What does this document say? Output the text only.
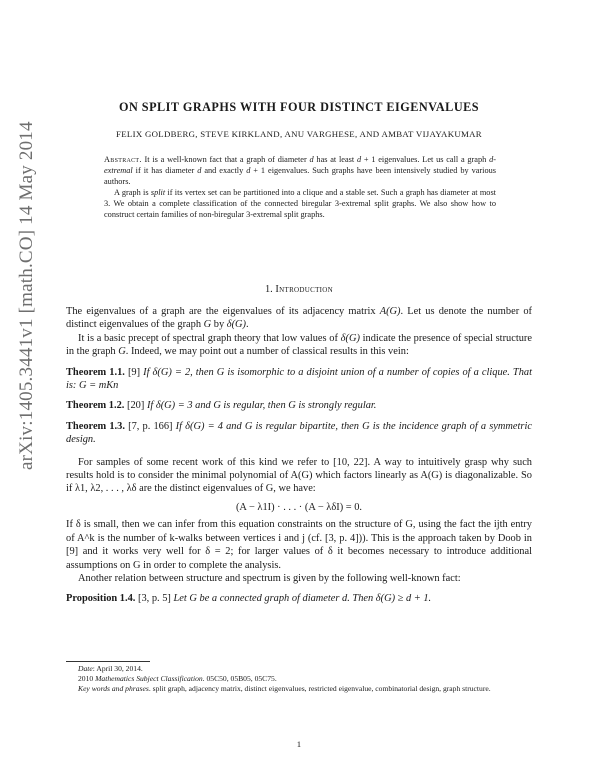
arXiv:1405.3441v1 [math.CO] 14 May 2014
ON SPLIT GRAPHS WITH FOUR DISTINCT EIGENVALUES
FELIX GOLDBERG, STEVE KIRKLAND, ANU VARGHESE, AND AMBAT VIJAYAKUMAR

Abstract. It is a well-known fact that a graph of diameter d has at least d + 1 eigenvalues. Let us call a graph d-extremal if it has diameter d and exactly d + 1 eigenvalues. Such graphs have been intensively studied by various authors.

A graph is split if its vertex set can be partitioned into a clique and a stable set. Such a graph has diameter at most 3. We obtain a complete classification of the connected biregular 3-extremal split graphs. We also show how to construct certain families of non-biregular 3-extremal split graphs.

1. Introduction

The eigenvalues of a graph are the eigenvalues of its adjacency matrix A(G). Let us denote the number of distinct eigenvalues of the graph G by δ(G).

It is a basic precept of spectral graph theory that low values of δ(G) indicate the presence of special structure in the graph G. Indeed, we may point out a number of classical results in this vein:

Theorem 1.1. [9] If δ(G) = 2, then G is isomorphic to a disjoint union of a number of copies of a clique. That is: G = mKn

Theorem 1.2. [20] If δ(G) = 3 and G is regular, then G is strongly regular.

Theorem 1.3. [7, p. 166] If δ(G) = 4 and G is regular bipartite, then G is the incidence graph of a symmetric design.

For samples of some recent work of this kind we refer to [10, 22]. A way to intuitively grasp why such results hold is to consider the minimal polynomial of A(G) which factors linearly as A(G) is diagonalizable. So if λ1, λ2, . . . , λδ are the distinct eigenvalues of G, we have:

(A − λ1I) · . . . · (A − λδI) = 0.

If δ is small, then we can infer from this equation constraints on the structure of G, using the fact the ijth entry of A^k is the number of k-walks between vertices i and j (cf. [3, p. 4])). This is the approach taken by Doob in [9] and it works very well for δ = 2; for larger values of δ it becomes necessary to introduce additional assumptions on G in order to complete the analysis.

Another relation between structure and spectrum is given by the following well-known fact:

Proposition 1.4. [3, p. 5] Let G be a connected graph of diameter d. Then δ(G) ≥ d + 1.

Date: April 30, 2014.

2010 Mathematics Subject Classification. 05C50, 05B05, 05C75.

Key words and phrases. split graph, adjacency matrix, distinct eigenvalues, restricted eigenvalue, combinatorial design, graph structure.

1
